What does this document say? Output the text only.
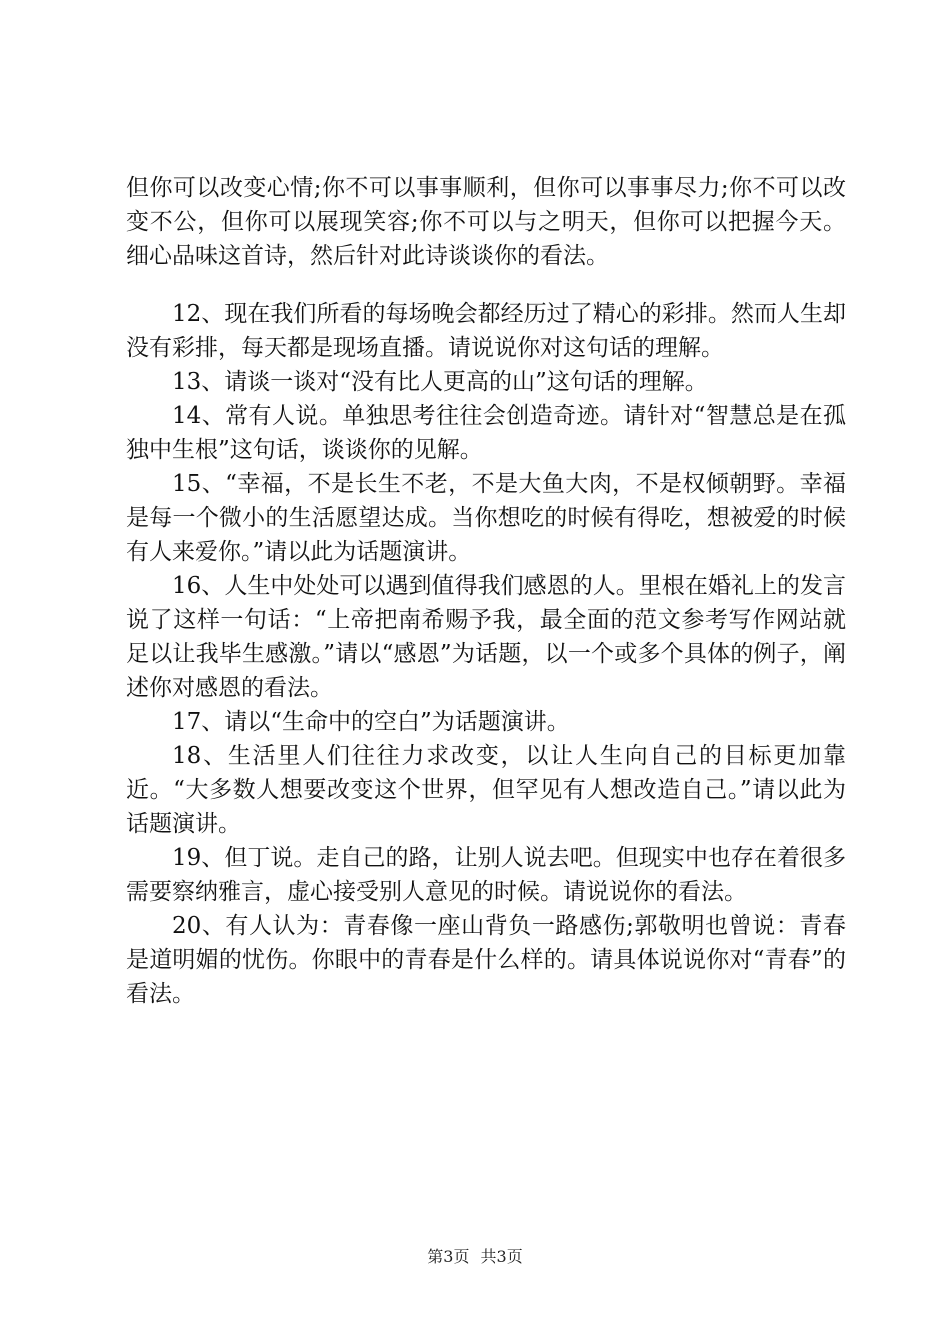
但你可以改变心情;你不可以事事顺利，但你可以事事尽力;你不可以改变不公，但你可以展现笑容;你不可以与之明天，但你可以把握今天。细心品味这首诗，然后针对此诗谈谈你的看法。

12、现在我们所看的每场晚会都经历过了精心的彩排。然而人生却没有彩排，每天都是现场直播。请说说你对这句话的理解。

13、请谈一谈对“没有比人更高的山”这句话的理解。

14、常有人说。单独思考往往会创造奇迹。请针对“智慧总是在孤独中生根”这句话，谈谈你的见解。

15、“幸福，不是长生不老，不是大鱼大肉，不是权倾朝野。幸福是每一个微小的生活愿望达成。当你想吃的时候有得吃，想被爱的时候有人来爱你。”请以此为话题演讲。

16、人生中处处可以遇到值得我们感恩的人。里根在婚礼上的发言说了这样一句话：“上帝把南希赐予我，最全面的范文参考写作网站就足以让我毕生感激。”请以“感恩”为话题，以一个或多个具体的例子，阐述你对感恩的看法。

17、请以“生命中的空白”为话题演讲。

18、生活里人们往往力求改变，以让人生向自己的目标更加靠近。“大多数人想要改变这个世界，但罕见有人想改造自己。”请以此为话题演讲。

19、但丁说。走自己的路，让别人说去吧。但现实中也存在着很多需要察纳雅言，虚心接受别人意见的时候。请说说你的看法。

20、有人认为：青春像一座山背负一路感伤;郭敬明也曾说：青春是道明媚的忧伤。你眼中的青春是什么样的。请具体说说你对“青春”的看法。

第3页 共3页
